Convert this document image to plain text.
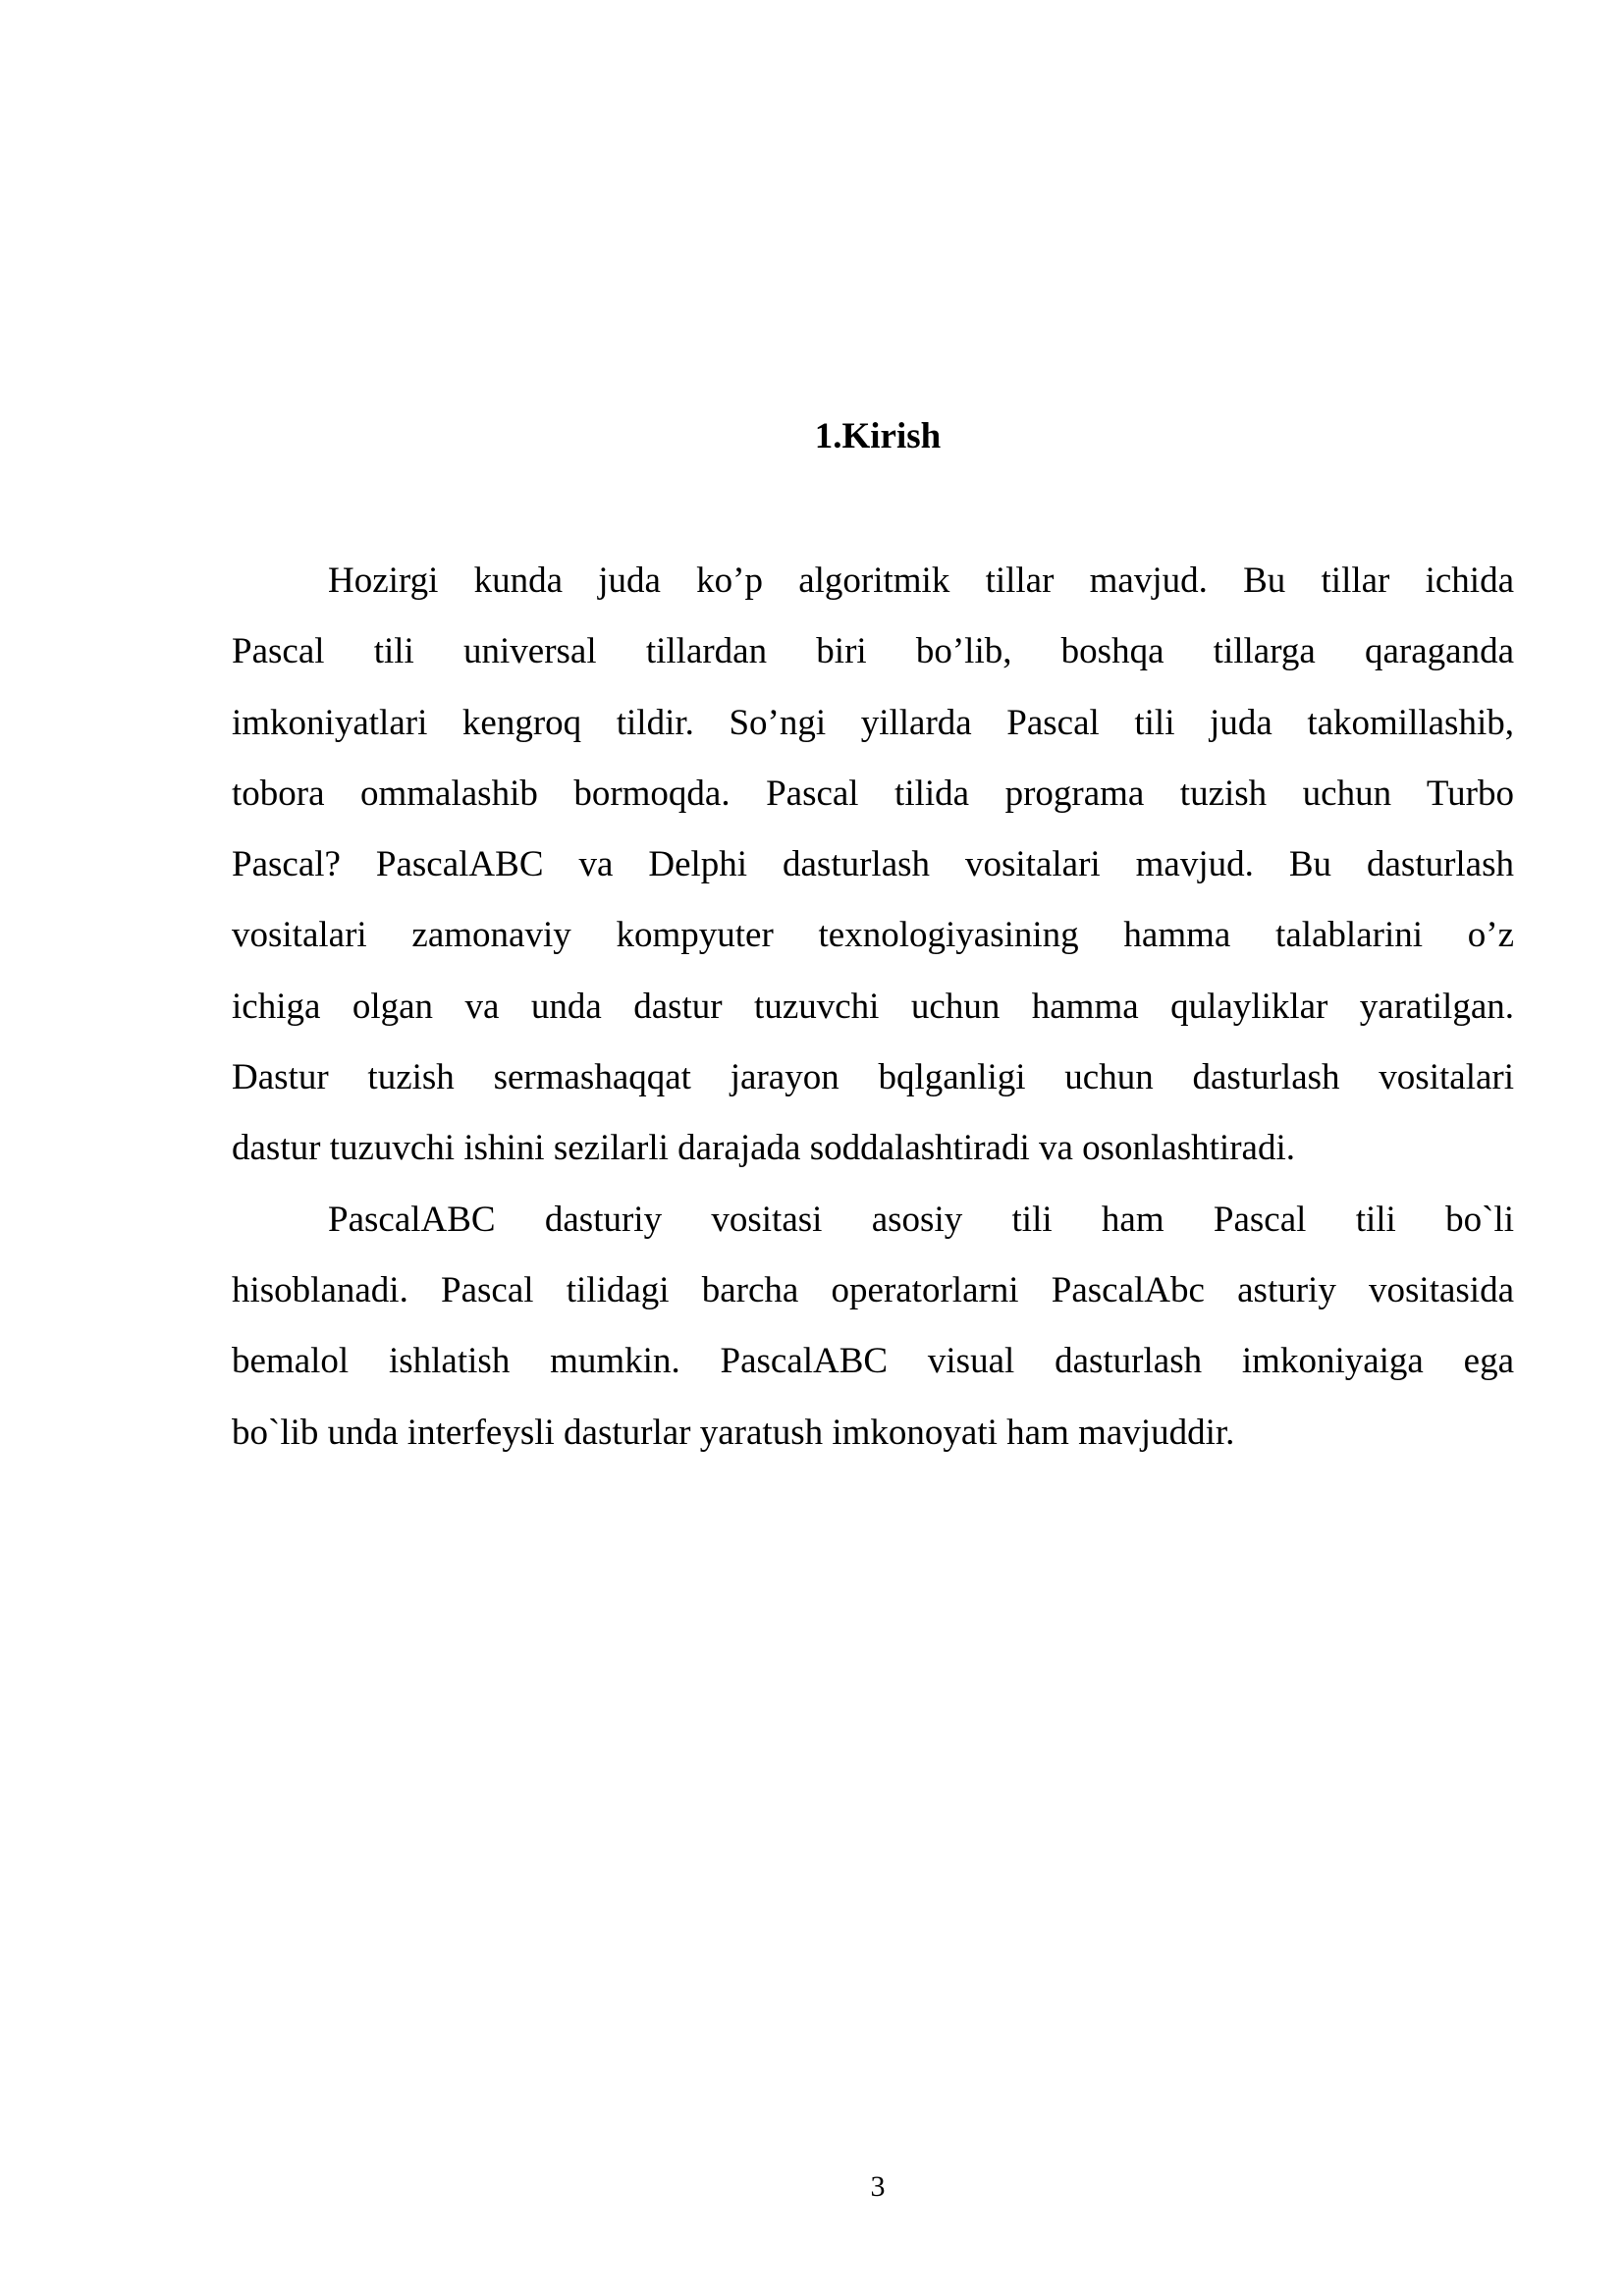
1.Kirish
Hozirgi kunda juda ko’p algoritmik tillar mavjud. Bu tillar ichida
Pascal tili universal tillardan biri bo’lib, boshqa tillarga qaraganda
imkoniyatlari kengroq tildir. So’ngi yillarda Pascal tili juda takomillashib,
tobora ommalashib bormoqda. Pascal tilida programa tuzish uchun Turbo
Pascal? PascalABC va Delphi dasturlash vositalari mavjud. Bu dasturlash
vositalari zamonaviy kompyuter texnologiyasining hamma talablarini o’z
ichiga olgan va unda dastur tuzuvchi uchun hamma qulayliklar yaratilgan.
Dastur tuzish sermashaqqat jarayon bqlganligi uchun dasturlash vositalari
dastur tuzuvchi ishini sezilarli darajada soddalashtiradi va osonlashtiradi.
PascalABC dasturiy vositasi asosiy tili ham Pascal tili bo`li
hisoblanadi. Pascal tilidagi barcha operatorlarni PascalAbc asturiy vositasida
bemalol ishlatish mumkin. PascalABC visual dasturlash imkoniyaiga ega
bo`lib unda interfeysli dasturlar yaratush imkonoyati ham mavjuddir.
3
